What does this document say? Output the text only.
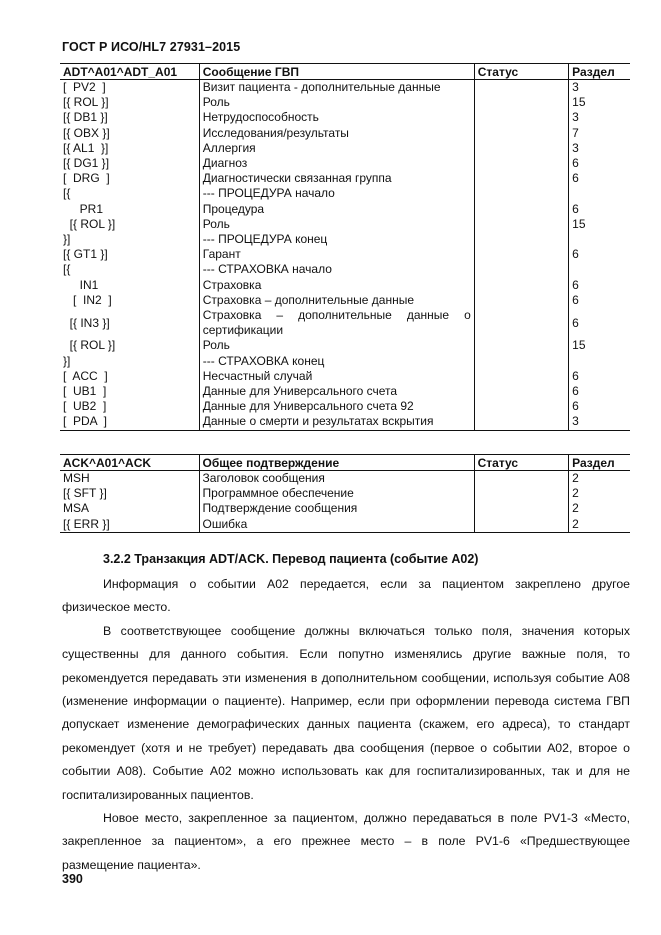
ГОСТ Р ИСО/HL7 27931–2015
ADT^A01^ADT_A01	Сообщение ГВП	Статус	Раздел
[  PV2  ]	Визит пациента - дополнительные данные		3
[{ ROL }]	Роль		15
[{ DB1 }]	Нетрудоспособность		3
[{ OBX }]	Исследования/результаты		7
[{ AL1  }]	Аллергия		3
[{ DG1 }]	Диагноз		6
[  DRG  ]	Диагностически связанная группа		6
[{	--- ПРОЦЕДУРА начало		
PR1	Процедура		6
[{ ROL }]	Роль		15
}]	--- ПРОЦЕДУРА конец		
[{ GT1 }]	Гарант		6
[{	--- СТРАХОВКА начало		
IN1	Страховка		6
[  IN2  ]	Страховка – дополнительные данные		6
[{ IN3 }]	Страховка – дополнительные данные о сертификации		6
[{ ROL }]	Роль		15
}]	--- СТРАХОВКА конец		
[  ACC  ]	Несчастный случай		6
[  UB1  ]	Данные для Универсального счета		6
[  UB2  ]	Данные для Универсального счета 92		6
[  PDA  ]	Данные о смерти и результатах вскрытия		3
ACK^A01^ACK	Общее подтверждение	Статус	Раздел
MSH	Заголовок сообщения		2
[{ SFT }]	Программное обеспечение		2
MSA	Подтверждение сообщения		2
[{ ERR }]	Ошибка		2
3.2.2 Транзакция ADT/ACK. Перевод пациента (событие A02)

Информация о событии A02 передается, если за пациентом закреплено другое физическое место.

В соответствующее сообщение должны включаться только поля, значения которых существенны для данного события. Если попутно изменялись другие важные поля, то рекомендуется передавать эти изменения в дополнительном сообщении, используя событие A08 (изменение информации о пациенте). Например, если при оформлении перевода система ГВП допускает изменение демографических данных пациента (скажем, его адреса), то стандарт рекомендует (хотя и не требует) передавать два сообщения (первое о событии A02, второе о событии A08). Событие A02 можно использовать как для госпитализированных, так и для не госпитализированных пациентов.

Новое место, закрепленное за пациентом, должно передаваться в поле PV1-3 «Место, закрепленное за пациентом», а его прежнее место – в поле PV1-6 «Предшествующее размещение пациента».

390
